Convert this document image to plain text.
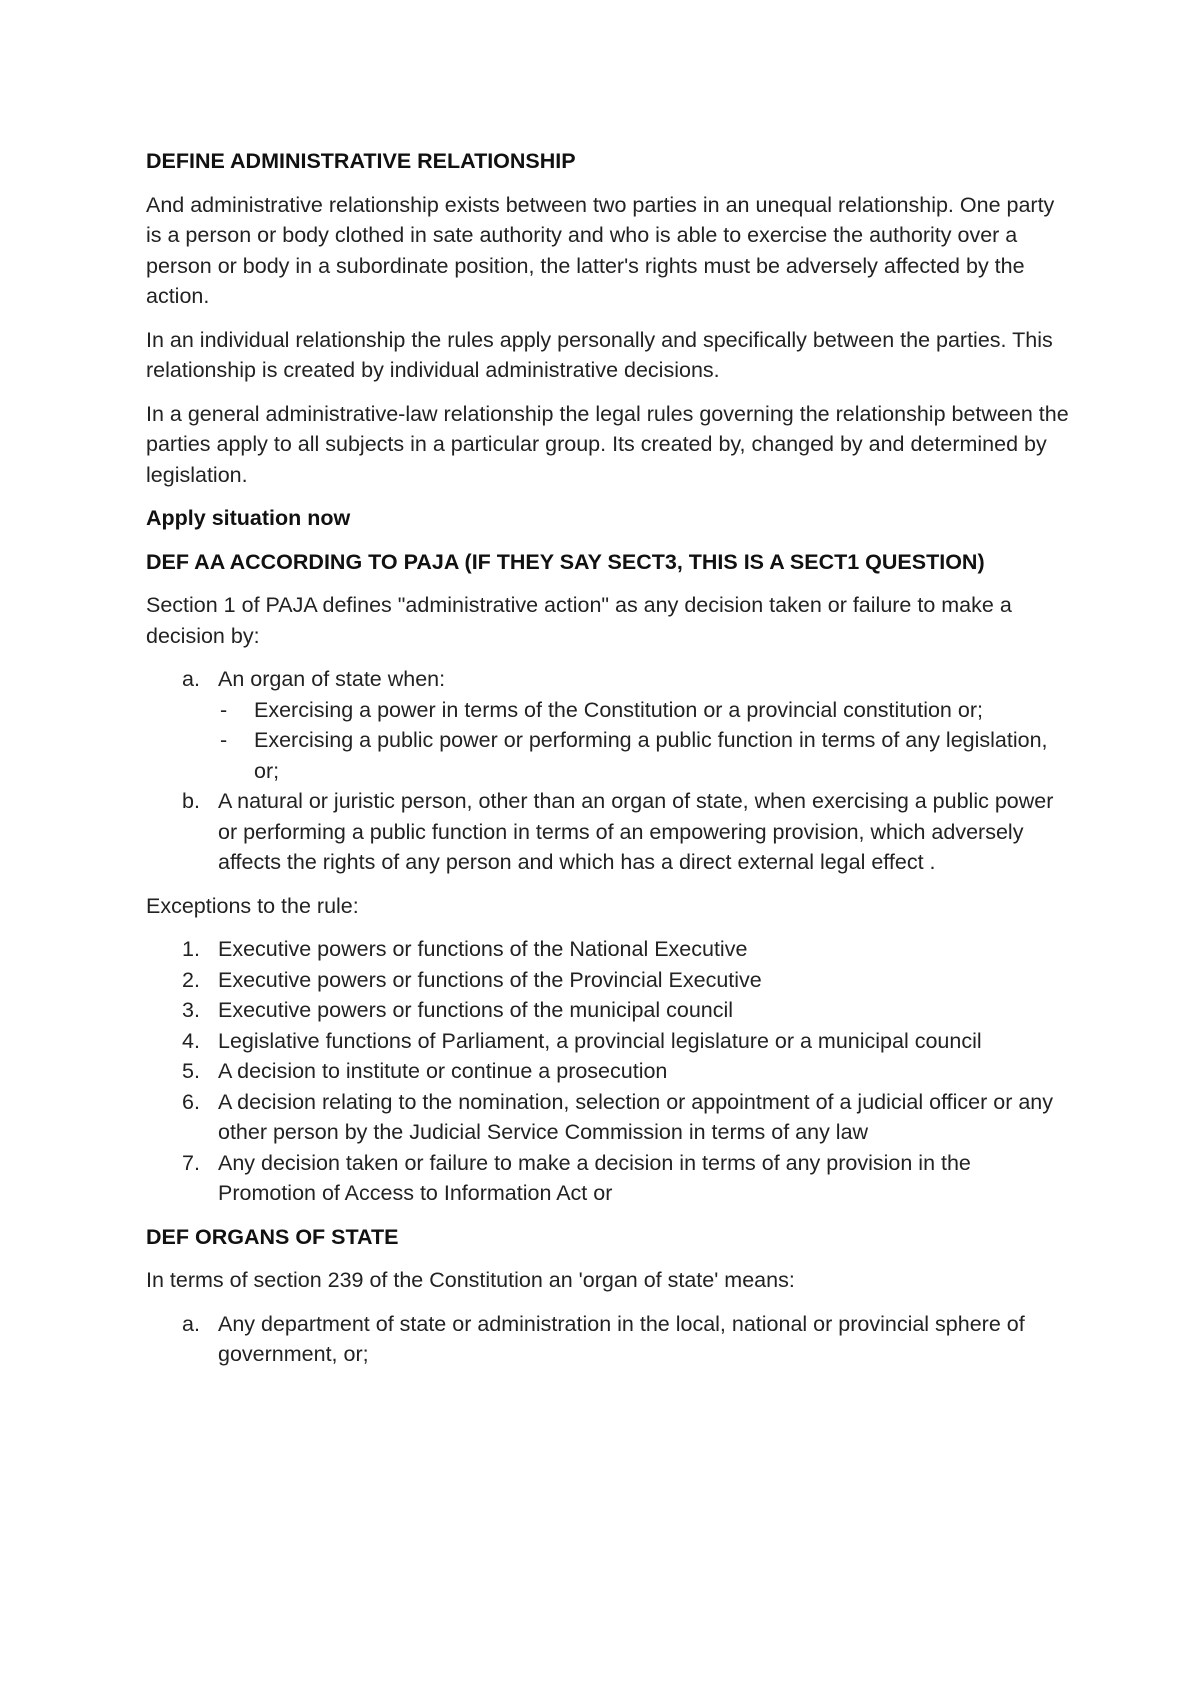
DEFINE ADMINISTRATIVE RELATIONSHIP

And administrative relationship exists between two parties in an unequal relationship. One party is a person or body clothed in sate authority and who is able to exercise the authority over a person or body in a subordinate position, the latter's rights must be adversely affected by the action.

In an individual relationship the rules apply personally and specifically between the parties. This relationship is created by individual administrative decisions.

In a general administrative-law relationship the legal rules governing the relationship between the parties apply to all subjects in a particular group. Its created by, changed by and determined by legislation.

Apply situation now
DEF AA ACCORDING TO PAJA (IF THEY SAY SECT3, THIS IS A SECT1 QUESTION)

Section 1 of PAJA defines "administrative action" as any decision taken or failure to make a decision by:

a. An organ of state when:
- Exercising a power in terms of the Constitution or a provincial constitution or;
- Exercising a public power or performing a public function in terms of any legislation, or;
b. A natural or juristic person, other than an organ of state, when exercising a public power or performing a public function in terms of an empowering provision, which adversely affects the rights of any person and which has a direct external legal effect .

Exceptions to the rule:

1. Executive powers or functions of the National Executive
2. Executive powers or functions of the Provincial Executive
3. Executive powers or functions of the municipal council
4. Legislative functions of Parliament, a provincial legislature or a municipal council
5. A decision to institute or continue a prosecution
6. A decision relating to the nomination, selection or appointment of a judicial officer or any other person by the Judicial Service Commission in terms of any law
7. Any decision taken or failure to make a decision in terms of any provision in the Promotion of Access to Information Act or
DEF ORGANS OF STATE

In terms of section 239 of the Constitution an 'organ of state' means:

a. Any department of state or administration in the local, national or provincial sphere of government, or;
